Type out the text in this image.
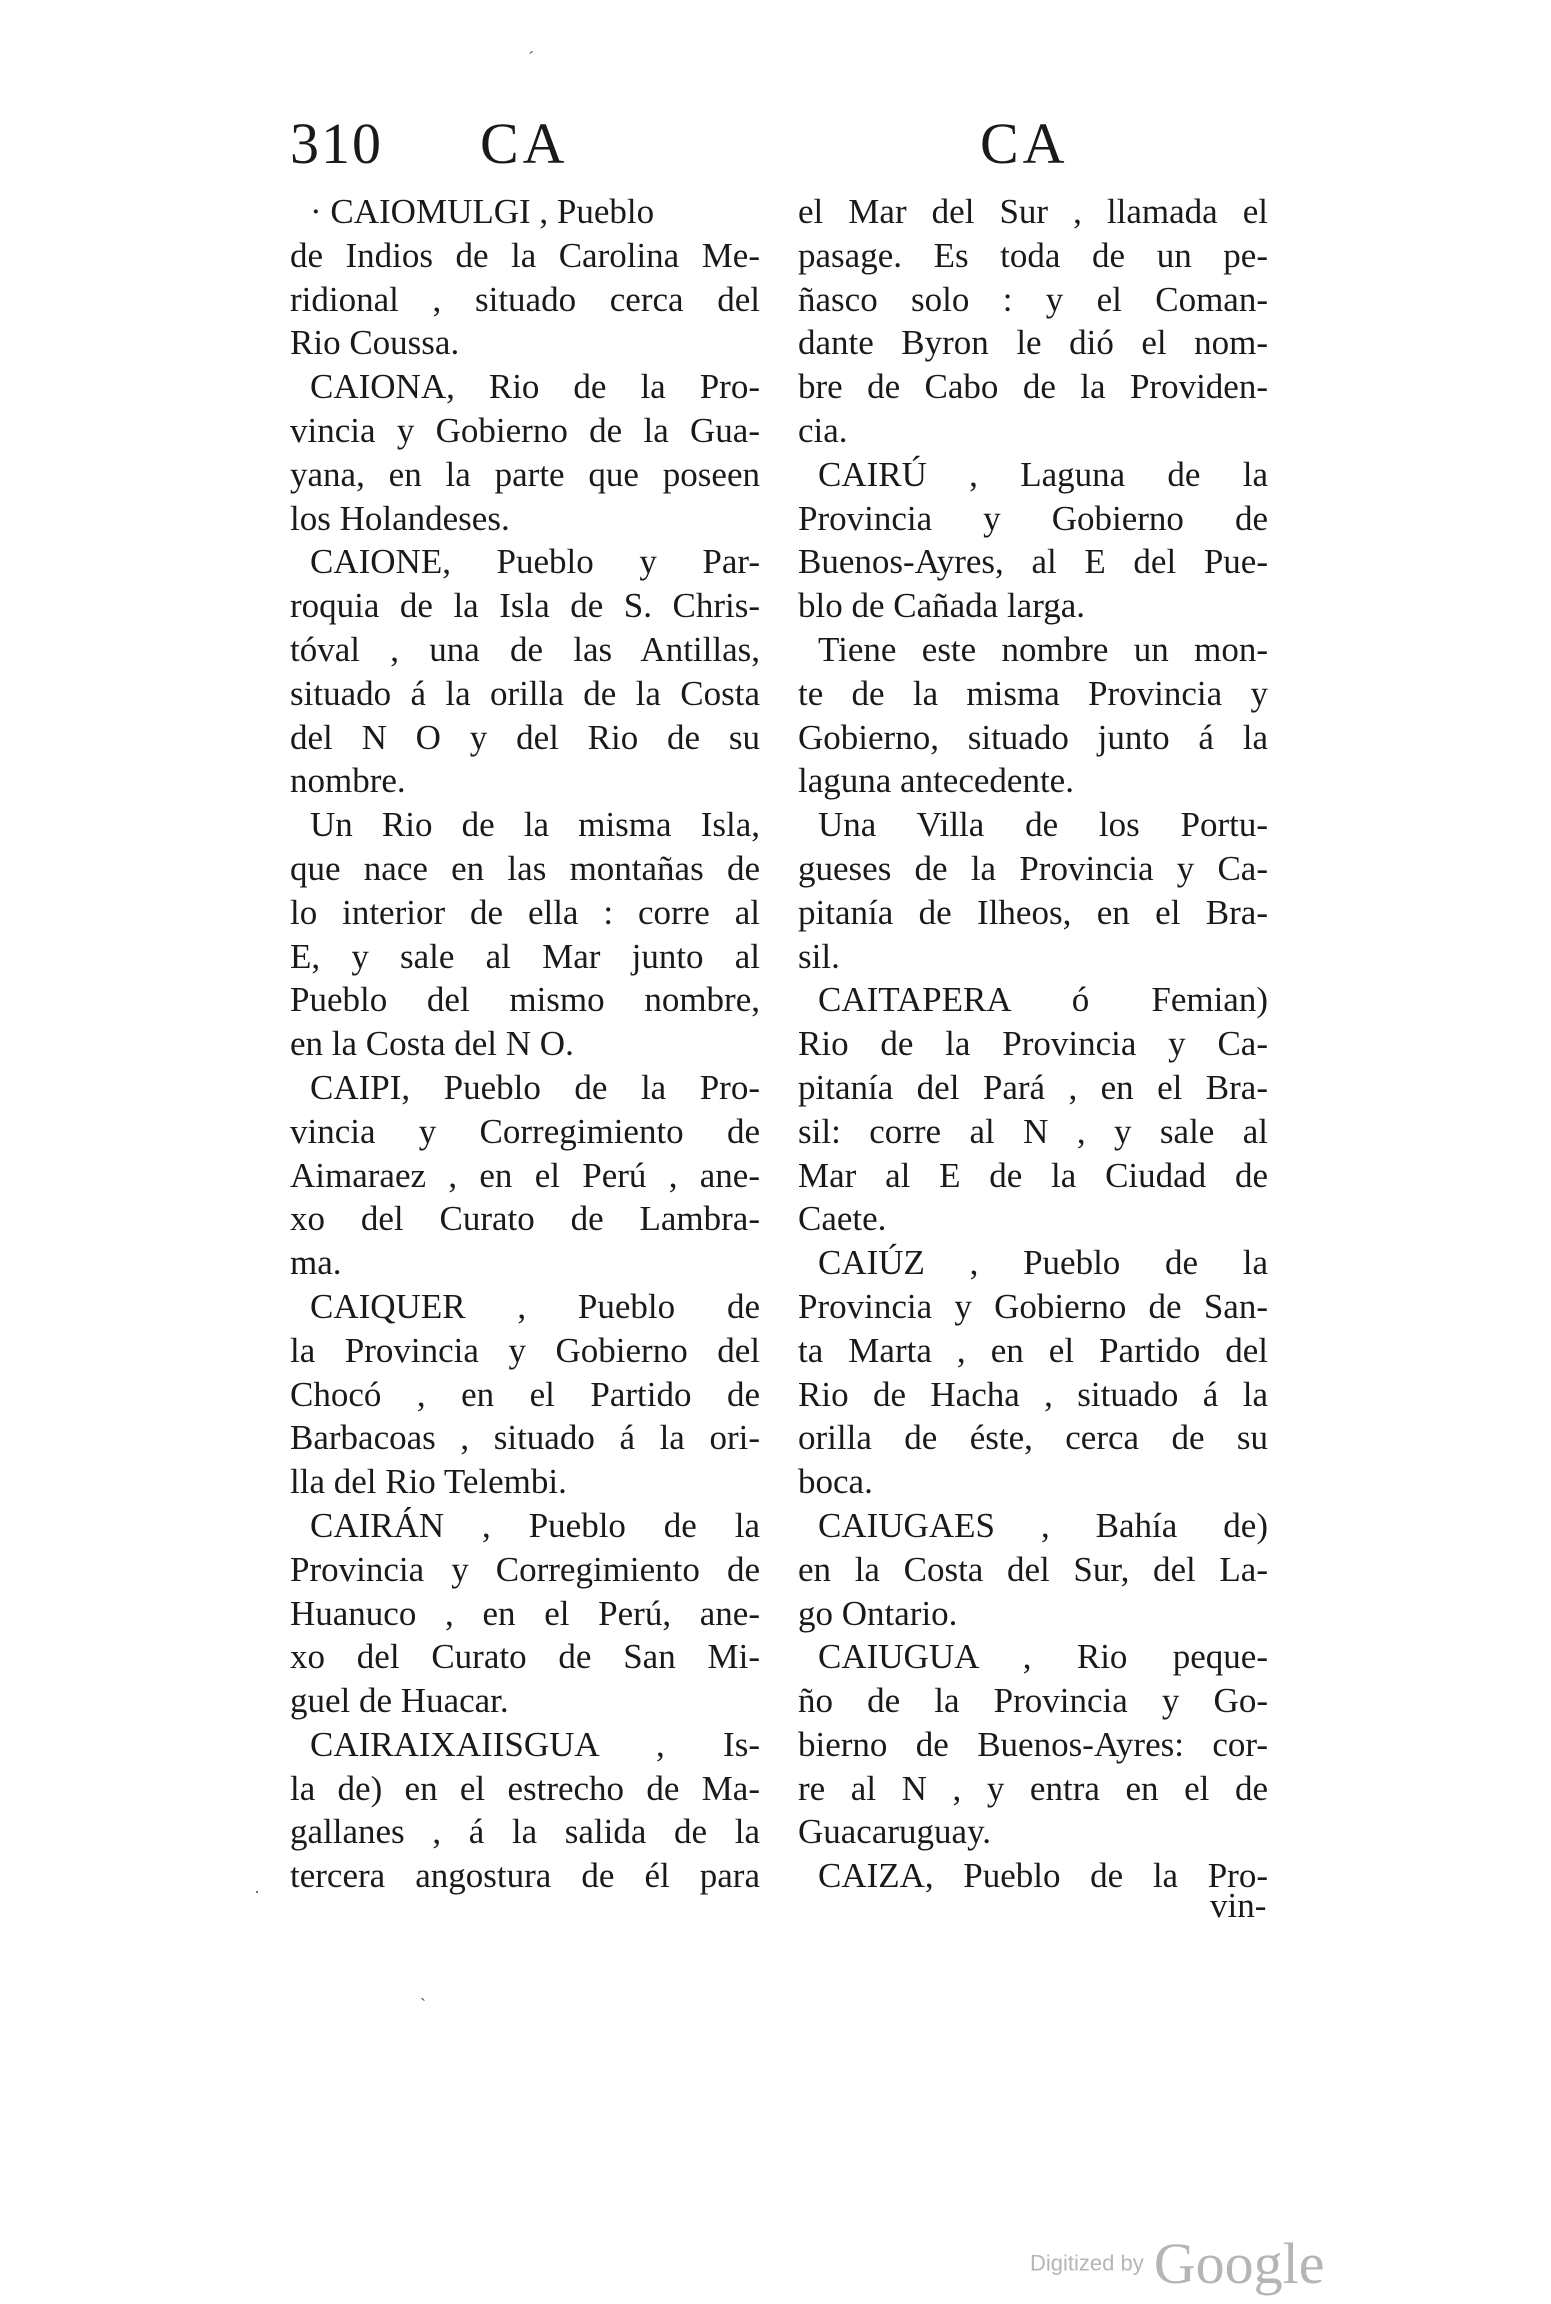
310 CA	CA
· CAIOMULGI , Pueblo
de Indios de la Carolina Me-
ridional , situado cerca del
Rio Coussa.
CAIONA, Rio de la Pro-
vincia y Gobierno de la Gua-
yana, en la parte que poseen
los Holandeses.
CAIONE, Pueblo y Par-
roquia de la Isla de S. Chris-
tóval , una de las Antillas,
situado á la orilla de la Costa
del N O y del Rio de su
nombre.
Un Rio de la misma Isla,
que nace en las montañas de
lo interior de ella : corre al
E, y sale al Mar junto al
Pueblo del mismo nombre,
en la Costa del N O.
CAIPI, Pueblo de la Pro-
vincia y Corregimiento de
Aimaraez , en el Perú , ane-
xo del Curato de Lambra-
ma.
CAIQUER , Pueblo de
la Provincia y Gobierno del
Chocó , en el Partido de
Barbacoas , situado á la ori-
lla del Rio Telembi.
CAIRÁN , Pueblo de la
Provincia y Corregimiento de
Huanuco , en el Perú, ane-
xo del Curato de San Mi-
guel de Huacar.
CAIRAIXAIISGUA , Is-
la de) en el estrecho de Ma-
gallanes , á la salida de la
tercera angostura de él para
el Mar del Sur , llamada el
pasage. Es toda de un pe-
ñasco solo : y el Coman-
dante Byron le dió el nom-
bre de Cabo de la Providen-
cia.
CAIRÚ , Laguna de la
Provincia y Gobierno de
Buenos-Ayres, al E del Pue-
blo de Cañada larga.
Tiene este nombre un mon-
te de la misma Provincia y
Gobierno, situado junto á la
laguna antecedente.
Una Villa de los Portu-
gueses de la Provincia y Ca-
pitanía de Ilheos, en el Bra-
sil.
CAITAPERA ó Femian)
Rio de la Provincia y Ca-
pitanía del Pará , en el Bra-
sil: corre al N , y sale al
Mar al E de la Ciudad de
Caete.
CAIÚZ , Pueblo de la
Provincia y Gobierno de San-
ta Marta , en el Partido del
Rio de Hacha , situado á la
orilla de éste, cerca de su
boca.
CAIUGAES , Bahía de)
en la Costa del Sur, del La-
go Ontario.
CAIUGUA , Rio peque-
ño de la Provincia y Go-
bierno de Buenos-Ayres: cor-
re al N , y entra en el de
Guacaruguay.
CAIZA, Pueblo de la Pro-
vin-
´
·
`
Digitized by Google
